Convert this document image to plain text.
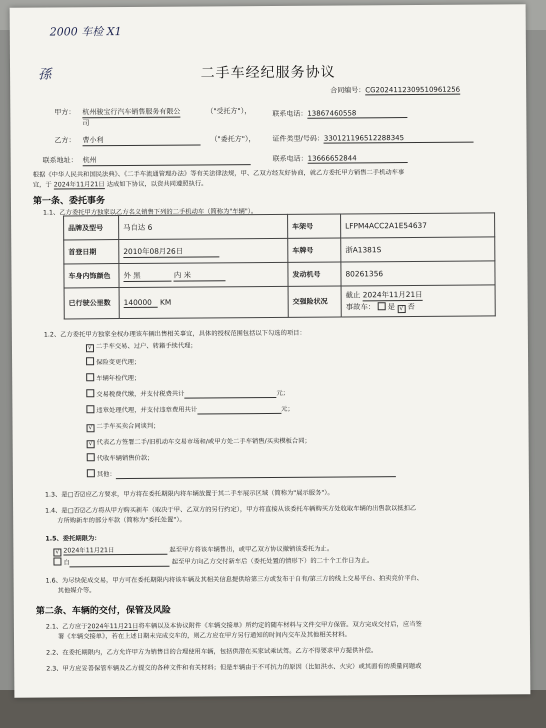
2000 车检 X1
孫	二手车经纪服务协议
合同编号：CG2024112309510961256
甲方： 杭州骏宝行汽车销售服务有限公
司
（"受托方"），	联系电话：13867460558
乙方： 曹小利	（"委托方"）， 证件类型/号码：330121196512288345
联系地址： 杭州	联系电话：13666652844
根据《中华人民共和国民法典》、《二手车流通管理办法》等有关法律法规，甲、乙双方经友好协商，就乙方委托甲方销售二手机动车事
宜，于 2024年11月21日 达成如下协议，以资共同遵照执行。
第一条、委托事务
1.1、乙方委托甲方独家以乙方名义销售下列的二手机动车（简称为"车辆"）。
品牌及型号	马自达 6	车架号	LFPM4ACC2A1E54637
首登日期	2010年08月26日	车牌号	浙A1381S
车身内饰颜色	外 黑 内 米	发动机号	80261356
已行驶公里数	140000 KM	交强险状况	截止 2024年11月21日
事故车： 是 √ 否
1.2、乙方委托甲方独家全权办理该车辆出售相关事宜，具体的授权范围包括以下勾选的项目：
√ 二手车交易、过户、转籍手续代理；
保险变更代理；
车辆年检代理；
交易税费代缴，并支付税费共计	元；
违章处理代理，并支付违章费用共计	元；
√ 二手车买卖合同谈判；
√ 代表乙方签署二手/旧机动车交易市场和/或甲方处二手车销售/买卖模板合同；
代收车辆销售价款；
其他：
1.3、是□否☑应乙方要求，甲方将在委托期限内将车辆放置于其二手车展示区域（简称为"展示服务"）。
1.4、是□否☑乙方将从甲方购买新车（取决于甲、乙双方的另行约定），甲方将直接从该委托车辆购买方处收取车辆的出售款以抵扣乙
方所购新车的部分车款（简称为"委托处置"）。
1.5、委托期限为：
√ 2024年11月21日	起至甲方将该车辆售出，或甲乙双方协议撤销该委托为止。
自	起至甲方向乙方交付新车后（委托处置的情形下）的二十个工作日为止。
1.6、为尽快促成交易，甲方可在委托期限内将该车辆及其相关信息提供给第三方或发布于自有/第三方的线上交易平台、拍卖竞价平台、
其他媒介等。
第二条、车辆的交付，保管及风险
2.1、乙方应于2024年11月21日将车辆以及本协议附件《车辆交接单》所约定的随车材料与文件交甲方保管。双方完成交付后，应当签
署《车辆交接单》，若在上述日期未完成交车的，则乙方应在甲方另行通知的时间内交车及其他相关材料。
2.2、在委托期限内，乙方允许甲方为销售目的合理使用车辆，包括供潜在买家试乘试驾。乙方不得要求甲方提供补偿。
2.3、甲方应妥善保管车辆及乙方提交的各种文件和有关材料；但是车辆由于不可抗力的原因（比如洪水、火灾）或其面有的质量问题或
